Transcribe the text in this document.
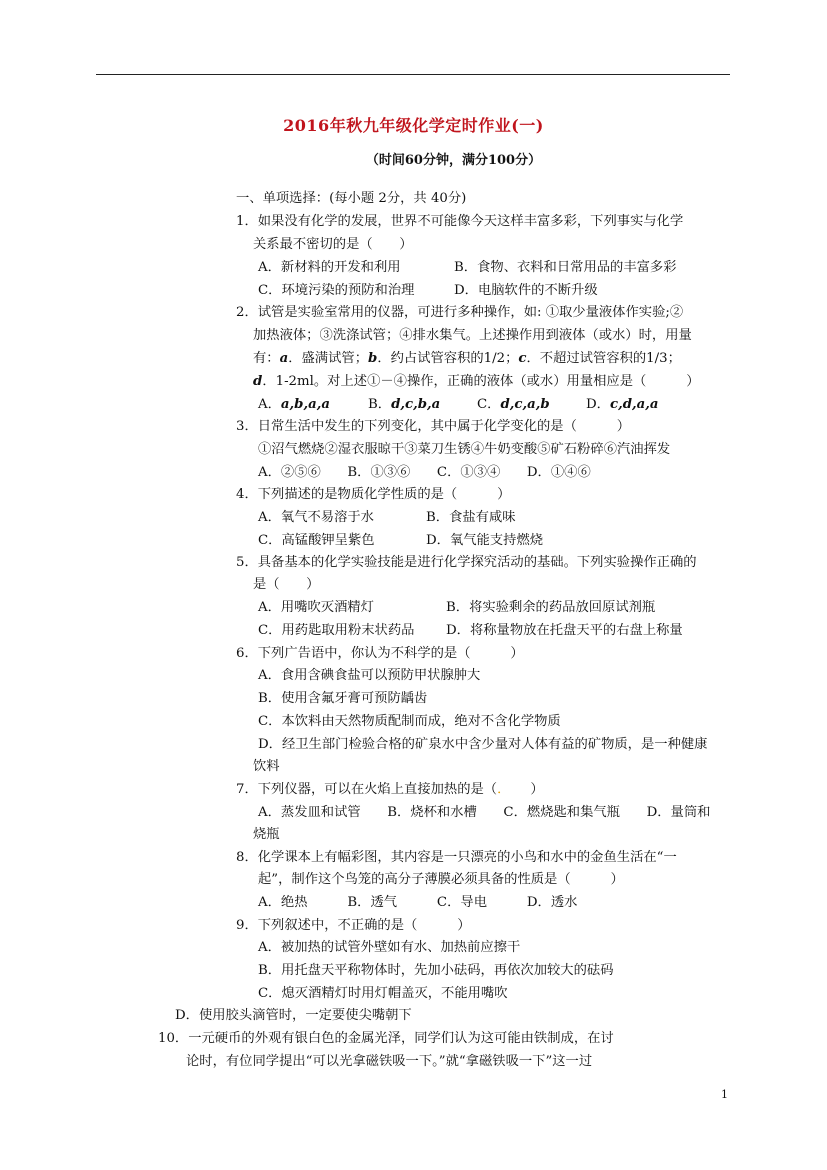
2016年秋九年级化学定时作业(一)
（时间60分钟，满分100分）
一、单项选择：(每小题 2分，共 40分)
1．如果没有化学的发展，世界不可能像今天这样丰富多彩，下列事实与化学
关系最不密切的是（　　）
A．新材料的开发和利用	B．食物、衣料和日常用品的丰富多彩
C．环境污染的预防和治理	D．电脑软件的不断升级
2．试管是实验室常用的仪器，可进行多种操作，如: ①取少量液体作实验;②
加热液体；③洗涤试管；④排水集气。上述操作用到液体（或水）时，用量
有：a．盛满试管；b．约占试管容积的1/2；c．不超过试管容积的1/3；
d．1-2ml。对上述①－④操作，正确的液体（或水）用量相应是（　　　）
A．a,b,a,a	B．d,c,b,a	C．d,c,a,b	D．c,d,a,a
3．日常生活中发生的下列变化，其中属于化学变化的是（　　　）
①沼气燃烧②湿衣服晾干③菜刀生锈④牛奶变酸⑤矿石粉碎⑥汽油挥发
A．②⑤⑥　　B．①③⑥　　C．①③④　　D．①④⑥
4．下列描述的是物质化学性质的是（　　　）
A．氧气不易溶于水	B．食盐有咸味
C．高锰酸钾呈紫色	D．氧气能支持燃烧
5．具备基本的化学实验技能是进行化学探究活动的基础。下列实验操作正确的
是（　　）
A．用嘴吹灭酒精灯	B．将实验剩余的药品放回原试剂瓶
C．用药匙取用粉末状药品 D．将称量物放在托盘天平的右盘上称量
6．下列广告语中，你认为不科学的是（　　　）
A．食用含碘食盐可以预防甲状腺肿大
B．使用含氟牙膏可预防龋齿
C．本饮料由天然物质配制而成，绝对不含化学物质
D．经卫生部门检验合格的矿泉水中含少量对人体有益的矿物质，是一种健康
饮料
7．下列仪器，可以在火焰上直接加热的是（．　　）
A．蒸发皿和试管　　B．烧杯和水槽　　C．燃烧匙和集气瓶　　D．量筒和
烧瓶
8．化学课本上有幅彩图，其内容是一只漂亮的小鸟和水中的金鱼生活在“一
起”，制作这个鸟笼的高分子薄膜必须具备的性质是（　　　）
A．绝热　　　B．透气　　　C．导电　　　D．透水
9．下列叙述中，不正确的是（　　　）
A．被加热的试管外壁如有水、加热前应擦干
B．用托盘天平称物体时，先加小砝码，再依次加较大的砝码
C．熄灭酒精灯时用灯帽盖灭，不能用嘴吹
D．使用胶头滴管时，一定要使尖嘴朝下
10．一元硬币的外观有银白色的金属光泽，同学们认为这可能由铁制成，在讨
论时，有位同学提出“可以光拿磁铁吸一下。”就“拿磁铁吸一下”这一过
1
